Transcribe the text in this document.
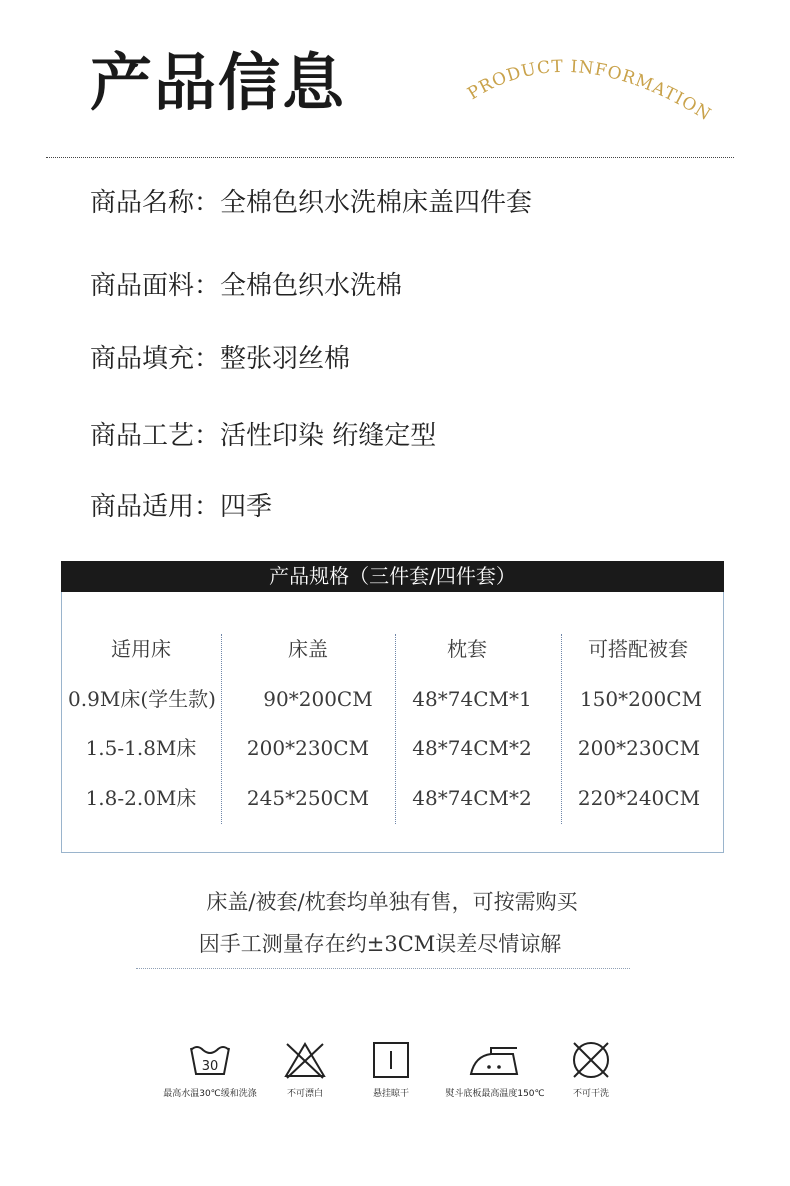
产品信息	PRODUCT INFORMATION
商品名称：全棉色织水洗棉床盖四件套
商品面料：全棉色织水洗棉
商品填充：整张羽丝棉
商品工艺：活性印染 绗缝定型
商品适用：四季
产品规格（三件套/四件套）
适用床	床盖	枕套	可搭配被套
0.9M床(学生款)	90*200CM	48*74CM*1	150*200CM
1.5-1.8M床	200*230CM	48*74CM*2	200*230CM
1.8-2.0M床	245*250CM	48*74CM*2	220*240CM
床盖/被套/枕套均单独有售，可按需购买
因手工测量存在约±3CM误差尽情谅解
30
最高水温30℃缓和洗涤	不可漂白	悬挂晾干	熨斗底板最高温度150℃	不可干洗
